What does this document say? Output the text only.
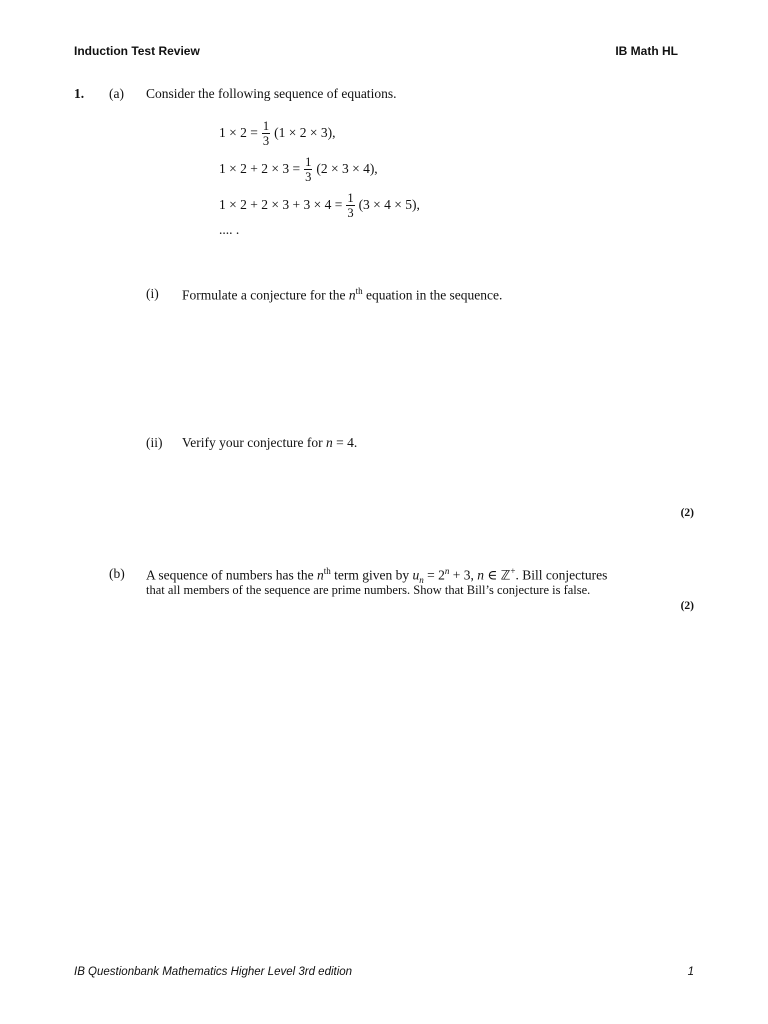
Induction Test Review	IB Math HL
1. (a) Consider the following sequence of equations.
$1 \times 2 = \frac{1}{3} (1 \times 2 \times 3)$,
$1 \times 2 + 2 \times 3 = \frac{1}{3} (2 \times 3 \times 4)$,
$1 \times 2 + 2 \times 3 + 3 \times 4 = \frac{1}{3} (3 \times 4 \times 5)$,
.... .
(i) Formulate a conjecture for the $n^{th}$ equation in the sequence.
(ii) Verify your conjecture for n = 4.
(2)
(b) A sequence of numbers has the $n^{th}$ term given by $u_n = 2^n + 3$, n ∈ ℤ+. Bill conjectures
that all members of the sequence are prime numbers. Show that Bill’s conjecture is false.
(2)
IB Questionbank Mathematics Higher Level 3rd edition	1
